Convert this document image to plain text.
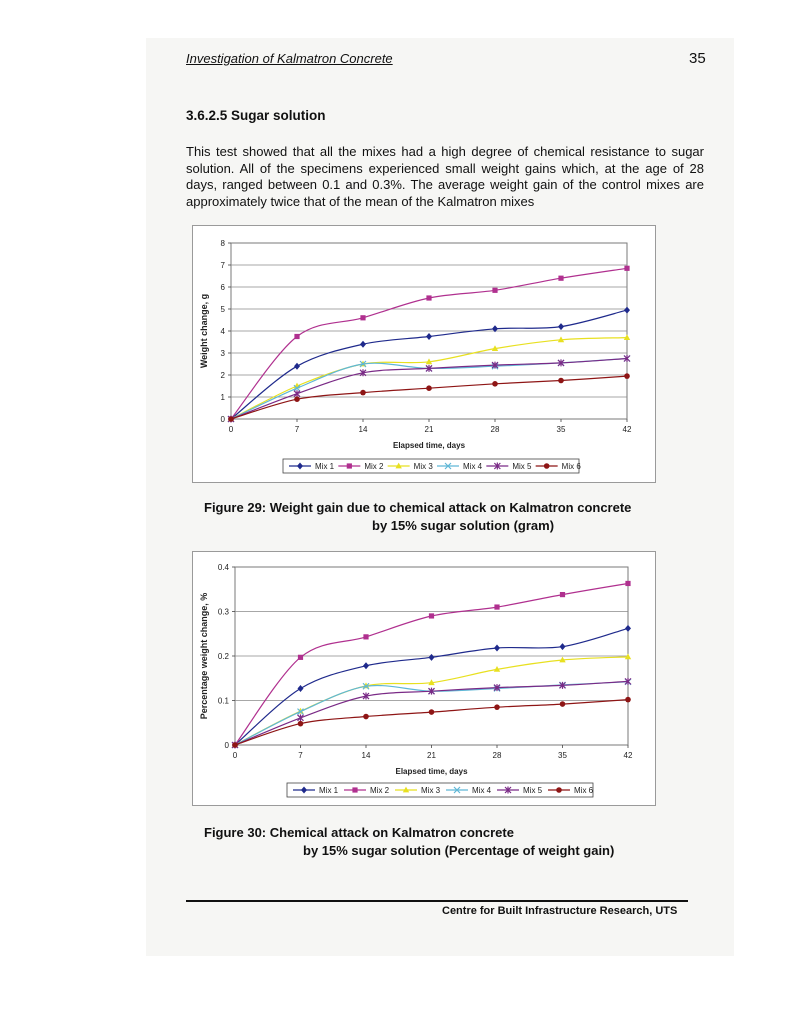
Investigation of Kalmatron Concrete	35
3.6.2.5 Sugar solution
This test showed that all the mixes had a high degree of chemical resistance to sugar solution. All of the specimens experienced small weight gains which, at the age of 28 days, ranged between 0.1 and 0.3%. The average weight gain of the control mixes are approximately twice that of the mean of the Kalmatron mixes
0
1
2
3
4
5
6
7
8
0	7	14	21	28	35	42
Elapsed time, days
Weight change, g
Mix 1	Mix 2	Mix 3	Mix 4	Mix 5	Mix 6
Figure 29: Weight gain due to chemical attack on Kalmatron concrete
by 15% sugar solution (gram)
0
0.1
0.2
0.3
0.4
0	7	14	21	28	35	42
Elapsed time, days
Percentage weight change, %
Mix 1	Mix 2	Mix 3	Mix 4	Mix 5	Mix 6
Figure 30: Chemical attack on Kalmatron concrete
by 15% sugar solution (Percentage of weight gain)
Centre for Built Infrastructure Research, UTS
